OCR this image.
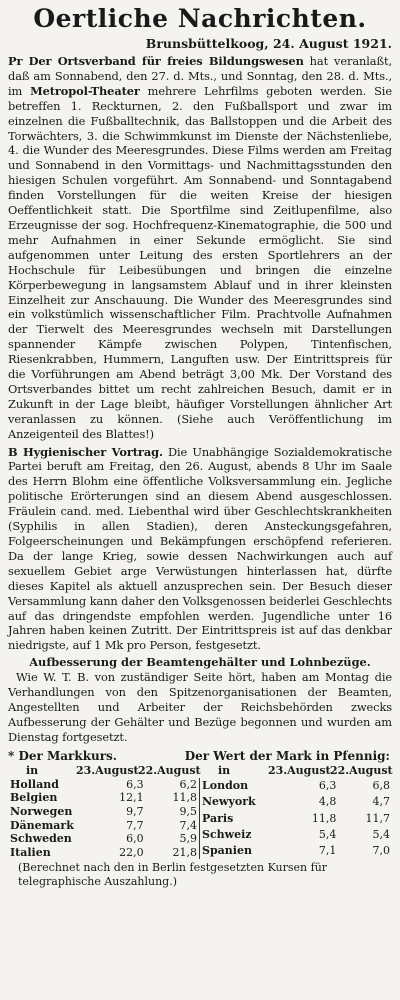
Oertliche Nachrichten.
Brunsbüttelkoog, 24. August 1921.

Pr Der Ortsverband für freies Bildungswesen hat veranlaßt, daß am Sonnabend, den 27. d. Mts., und Sonntag, den 28. d. Mts., im Metropol-Theater mehrere Lehrfilms geboten werden. Sie betreffen 1. Reckturnen, 2. den Fußballsport und zwar im einzelnen die Fußballtechnik, das Ballstoppen und die Arbeit des Torwächters, 3. die Schwimmkunst im Dienste der Nächstenliebe, 4. die Wunder des Meeresgrundes. Diese Films werden am Freitag und Sonnabend in den Vormittags- und Nachmittagsstunden den hiesigen Schulen vorgeführt. Am Sonnabend- und Sonntagabend finden Vorstellungen für die weiten Kreise der hiesigen Oeffentlichkeit statt. Die Sportfilme sind Zeitlupenfilme, also Erzeugnisse der sog. Hochfrequenz-Kinematographie, die 500 und mehr Aufnahmen in einer Sekunde ermöglicht. Sie sind aufgenommen unter Leitung des ersten Sportlehrers an der Hochschule für Leibesübungen und bringen die einzelne Körperbewegung in langsamstem Ablauf und in ihrer kleinsten Einzelheit zur Anschauung. Die Wunder des Meeresgrundes sind ein volkstümlich wissenschaftlicher Film. Prachtvolle Aufnahmen der Tierwelt des Meeresgrundes wechseln mit Darstellungen spannender Kämpfe zwischen Polypen, Tintenfischen, Riesenkrabben, Hummern, Languften usw. Der Eintrittspreis für die Vorführungen am Abend beträgt 3,00 Mk. Der Vorstand des Ortsverbandes bittet um recht zahlreichen Besuch, damit er in Zukunft in der Lage bleibt, häufiger Vorstellungen ähnlicher Art veranlassen zu können. (Siehe auch Veröffentlichung im Anzeigenteil des Blattes!)

B Hygienischer Vortrag. Die Unabhängige Sozialdemokratische Partei beruft am Freitag, den 26. August, abends 8 Uhr im Saale des Herrn Blohm eine öffentliche Volksversammlung ein. Jegliche politische Erörterungen sind an diesem Abend ausgeschlossen. Fräulein cand. med. Liebenthal wird über Geschlechtskrankheiten (Syphilis in allen Stadien), deren Ansteckungsgefahren, Folgeerscheinungen und Bekämpfungen erschöpfend referieren. Da der lange Krieg, sowie dessen Nachwirkungen auch auf sexuellem Gebiet arge Verwüstungen hinterlassen hat, dürfte dieses Kapitel als aktuell anzusprechen sein. Der Besuch dieser Versammlung kann daher den Volksgenossen beiderlei Geschlechts auf das dringendste empfohlen werden. Jugendliche unter 16 Jahren haben keinen Zutritt. Der Eintrittspreis ist auf das denkbar niedrigste, auf 1 Mk pro Person, festgesetzt.

Aufbesserung der Beamtengehälter und Lohnbezüge.

Wie W. T. B. von zuständiger Seite hört, haben am Montag die Verhandlungen von den Spitzenorganisationen der Beamten, Angestellten und Arbeiter der Reichsbehörden zwecks Aufbesserung der Gehälter und Bezüge begonnen und wurden am Dienstag fortgesetzt.

* Der Markkurs.	Der Wert der Mark in Pfennig:
in	23.August 22.August	in	23.August 22.August
Holland	6,3	6,2
Belgien	12,1	11,8
Norwegen	9,7	9,5
Dänemark	7,7	7,4
Schweden	6,0	5,9
Italien	22,0	21,8
London	6,3	6,8
Newyork	4,8	4,7
Paris	11,8	11,7
Schweiz	5,4	5,4
Spanien	7,1	7,0
(Berechnet nach den in Berlin festgesetzten Kursen für telegraphische Auszahlung.)
